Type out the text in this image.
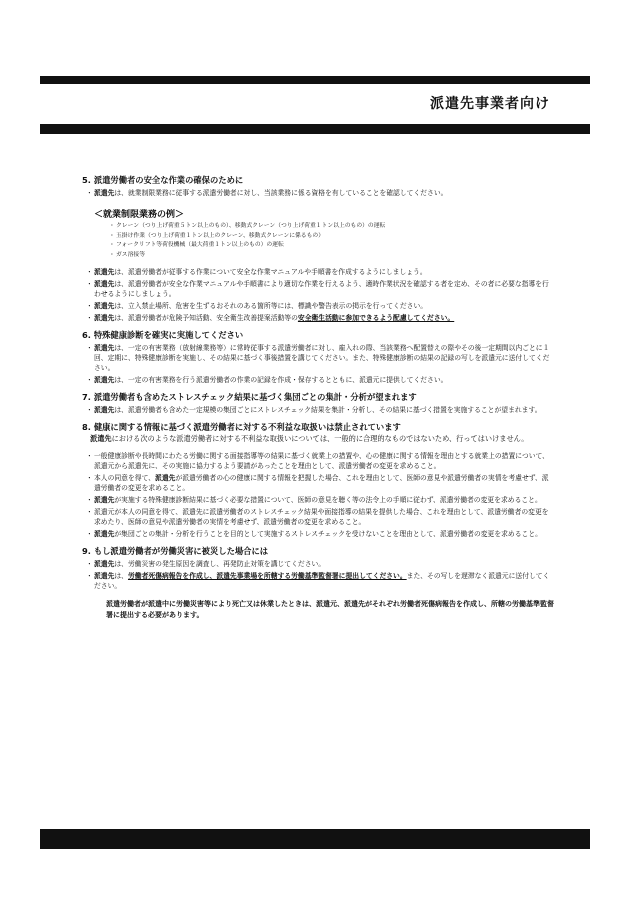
派遣先事業者向け
5. 派遣労働者の安全な作業の確保のために
・ 派遣先は、就業制限業務に従事する派遣労働者に対し、当該業務に係る資格を有していることを確認してください。
＜就業制限業務の例＞
・ クレーン（つり上げ荷重５トン以上のもの）、移動式クレーン（つり上げ荷重１トン以上のもの）の運転
・ 玉掛け作業（つり上げ荷重１トン以上のクレーン、移動式クレーンに係るもの）
・ フォークリフト等荷役機械（最大荷重１トン以上のもの）の運転
・ ガス溶接等
・ 派遣先は、派遣労働者が従事する作業について安全な作業マニュアルや手順書を作成するようにしましょう。
・ 派遣先は、派遣労働者が安全な作業マニュアルや手順書により適切な作業を行えるよう、適時作業状況を確認する者を定め、その者に必要な指導を行わせるようにしましょう。
・ 派遣先は、立入禁止場所、危害を生ずるおそれのある箇所等には、標識や警告表示の掲示を行ってください。
・ 派遣先は、派遣労働者が危険予知活動、安全衛生改善提案活動等の安全衛生活動に参加できるよう配慮してください。
6. 特殊健康診断を確実に実施してください
・ 派遣先は、一定の有害業務（放射線業務等）に常時従事する派遣労働者に対し、雇入れの際、当該業務へ配置替えの際やその後一定期間以内ごとに１回、定期に、特殊健康診断を実施し、その結果に基づく事後措置を講じてください。また、特殊健康診断の結果の記録の写しを派遣元に送付してください。
・ 派遣先は、一定の有害業務を行う派遣労働者の作業の記録を作成・保存するとともに、派遣元に提供してください。
7. 派遣労働者も含めたストレスチェック結果に基づく集団ごとの集計・分析が望まれます
・ 派遣先は、派遣労働者も含めた一定規模の集団ごとにストレスチェック結果を集計・分析し、その結果に基づく措置を実施することが望まれます。
8. 健康に関する情報に基づく派遣労働者に対する不利益な取扱いは禁止されています
派遣先における次のような派遣労働者に対する不利益な取扱いについては、一般的に合理的なものではないため、行ってはいけません。
・ 一般健康診断や長時間にわたる労働に関する面接指導等の結果に基づく就業上の措置や、心の健康に関する情報を理由とする就業上の措置について、派遣元から派遣先に、その実施に協力するよう要請があったことを理由として、派遣労働者の変更を求めること。
・ 本人の同意を得て、派遣先が派遣労働者の心の健康に関する情報を把握した場合、これを理由として、医師の意見や派遣労働者の実情を考慮せず、派遣労働者の変更を求めること。
・ 派遣先が実施する特殊健康診断結果に基づく必要な措置について、医師の意見を聴く等の法令上の手順に従わず、派遣労働者の変更を求めること。
・ 派遣元が本人の同意を得て、派遣先に派遣労働者のストレスチェック結果や面接指導の結果を提供した場合、これを理由として、派遣労働者の変更を求めたり、医師の意見や派遣労働者の実情を考慮せず、派遣労働者の変更を求めること。
・ 派遣先が集団ごとの集計・分析を行うことを目的として実施するストレスチェックを受けないことを理由として、派遣労働者の変更を求めること。
9. もし派遣労働者が労働災害に被災した場合には
・ 派遣先は、労働災害の発生原因を調査し、再発防止対策を講じてください。
・ 派遣先は、労働者死傷病報告を作成し、派遣先事業場を所轄する労働基準監督署に提出してください。また、その写しを遅滞なく派遣元に送付してください。
派遣労働者が派遣中に労働災害等により死亡又は休業したときは、派遣元、派遣先がそれぞれ労働者死傷病報告を作成し、所轄の労働基準監督署に提出する必要があります。
